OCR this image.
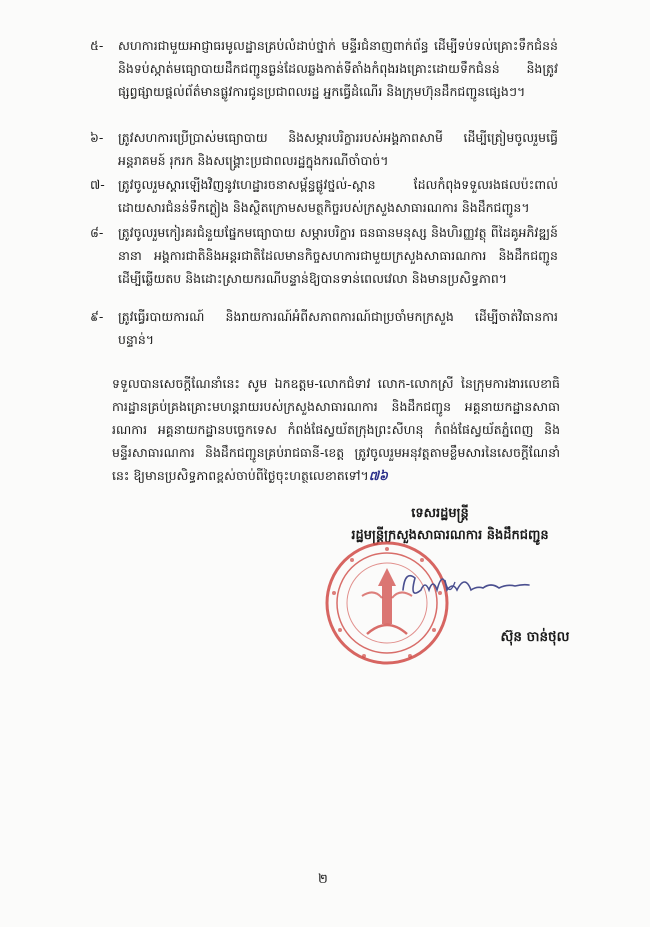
៥-	សហការជាមួយអាជ្ញាធរមូលដ្ឋានគ្រប់លំដាប់ថ្នាក់ មន្ទីរជំនាញពាក់ព័ន្ធ ដើម្បីទប់ទល់គ្រោះទឹកជំនន់ និងទប់ស្កាត់មធ្យោបាយដឹកជញ្ជូនធ្ងន់ដែលឆ្លងកាត់ទីតាំងកំពុងរងគ្រោះដោយទឹកជំនន់ និងត្រូវផ្សព្វផ្សាយផ្ដល់ព័ត៌មានផ្លូវការជូនប្រជាពលរដ្ឋ អ្នកធ្វើដំណើរ និងក្រុមហ៊ុនដឹកជញ្ជូនផ្សេងៗ។
៦-	ត្រូវសហការប្រើប្រាស់មធ្យោបាយ និងសម្ភារបរិក្ខាររបស់អង្គភាពសាមី ដើម្បីត្រៀមចូលរួមធ្វើអន្តរាគមន៍ រុករក និងសង្គ្រោះប្រជាពលរដ្ឋក្នុងករណីចាំបាច់។
៧-	ត្រូវចូលរួមស្ដារឡើងវិញនូវហេដ្ឋារចនាសម្ព័ន្ធផ្លូវថ្នល់-ស្ពាន ដែលកំពុងទទួលរងផលប៉ះពាល់ដោយសារជំនន់ទឹកភ្លៀង និងស្ថិតក្រោមសមត្ថកិច្ចរបស់ក្រសួងសាធារណការ និងដឹកជញ្ជូន។
៨-	ត្រូវចូលរួមកៀរគរជំនួយផ្នែកមធ្យោបាយ សម្ភារបរិក្ខារ ធនធានមនុស្ស និងហិរញ្ញវត្ថុ ពីដៃគូអភិវឌ្ឍន៍នានា អង្គការជាតិនិងអន្តរជាតិដែលមានកិច្ចសហការជាមួយក្រសួងសាធារណការ និងដឹកជញ្ជូន ដើម្បីឆ្លើយតប និងដោះស្រាយករណីបន្ទាន់ឱ្យបានទាន់ពេលវេលា និងមានប្រសិទ្ធភាព។
៩-	ត្រូវធ្វើរបាយការណ៍ និងរាយការណ៍អំពីសភាពការណ៍ជាប្រចាំមកក្រសួង ដើម្បីចាត់វិធានការបន្ទាន់។
ទទួលបានសេចក្ដីណែនាំនេះ សូម ឯកឧត្ដម-លោកជំទាវ លោក-លោកស្រី នៃក្រុមការងារលេខាធិការដ្ឋានគ្រប់គ្រងគ្រោះមហន្តរាយរបស់ក្រសួងសាធារណការ និងដឹកជញ្ជូន អគ្គនាយកដ្ឋានសាធារណការ អគ្គនាយកដ្ឋានបច្ចេកទេស កំពង់ផែស្វយ័តក្រុងព្រះសីហនុ កំពង់ផែស្វយ័តភ្នំពេញ និងមន្ទីរសាធារណការ និងដឹកជញ្ជូនគ្រប់រាជធានី-ខេត្ត ត្រូវចូលរួមអនុវត្តតាមខ្លឹមសារនៃសេចក្ដីណែនាំនេះ ឱ្យមានប្រសិទ្ធភាពខ្ពស់ចាប់ពីថ្ងៃចុះហត្ថលេខាតទៅ។៧៦
ទេសរដ្ឋមន្ត្រី
រដ្ឋមន្ត្រីក្រសួងសាធារណការ និងដឹកជញ្ជូន
ស៊ុន ចាន់ថុល
២
